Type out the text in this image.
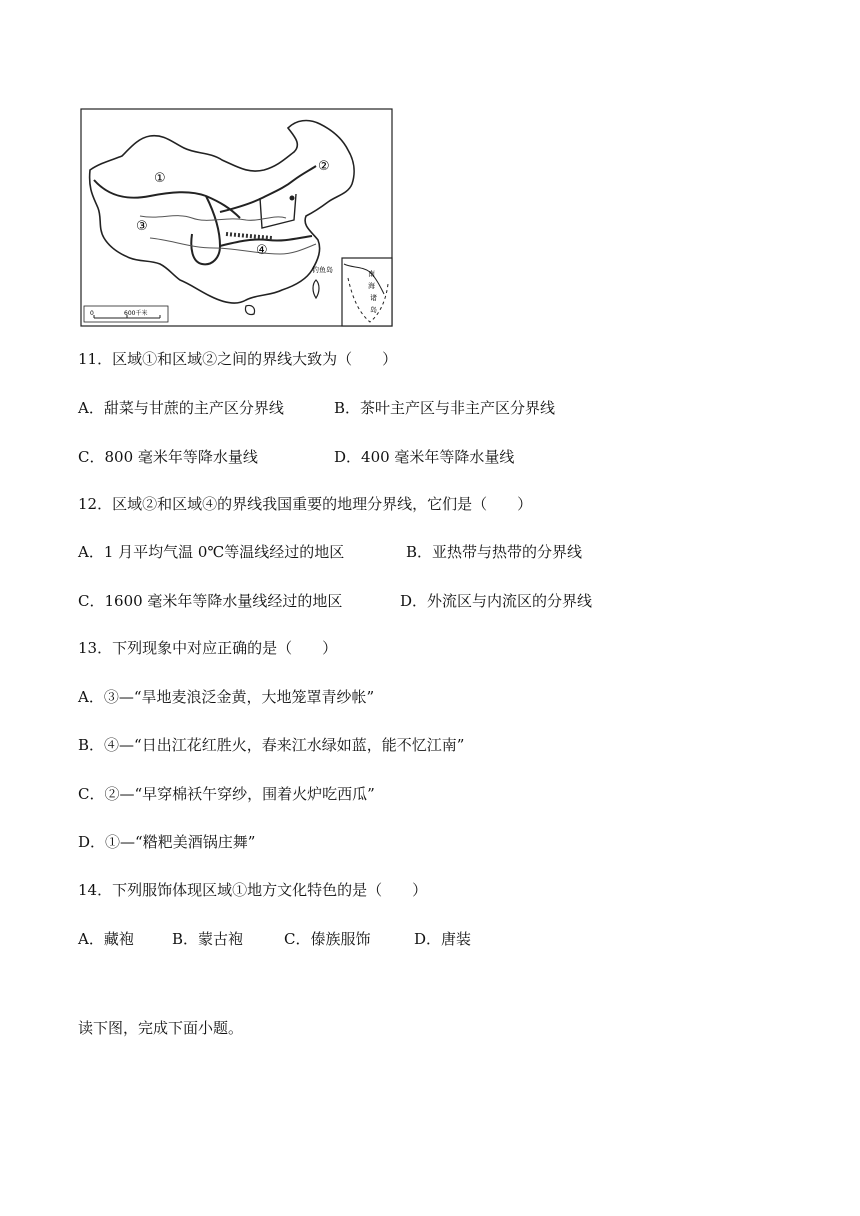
①
②
③
④
钓鱼岛	南
海
诸
岛
0	600千米
11．区域①和区域②之间的界线大致为（　　）
A．甜菜与甘蔗的主产区分界线	B．茶叶主产区与非主产区分界线
C．800 毫米年等降水量线	D．400 毫米年等降水量线
12．区域②和区域④的界线我国重要的地理分界线，它们是（　　）
A．1 月平均气温 0℃等温线经过的地区	B．亚热带与热带的分界线
C．1600 毫米年等降水量线经过的地区	D．外流区与内流区的分界线
13．下列现象中对应正确的是（　　）
A．③—“旱地麦浪泛金黄，大地笼罩青纱帐”
B．④—“日出江花红胜火，春来江水绿如蓝，能不忆江南”
C．②—“早穿棉袄午穿纱，围着火炉吃西瓜”
D．①—“糌粑美酒锅庄舞”
14．下列服饰体现区域①地方文化特色的是（　　）
A．藏袍	B．蒙古袍	C．傣族服饰	D．唐装
读下图，完成下面小题。
